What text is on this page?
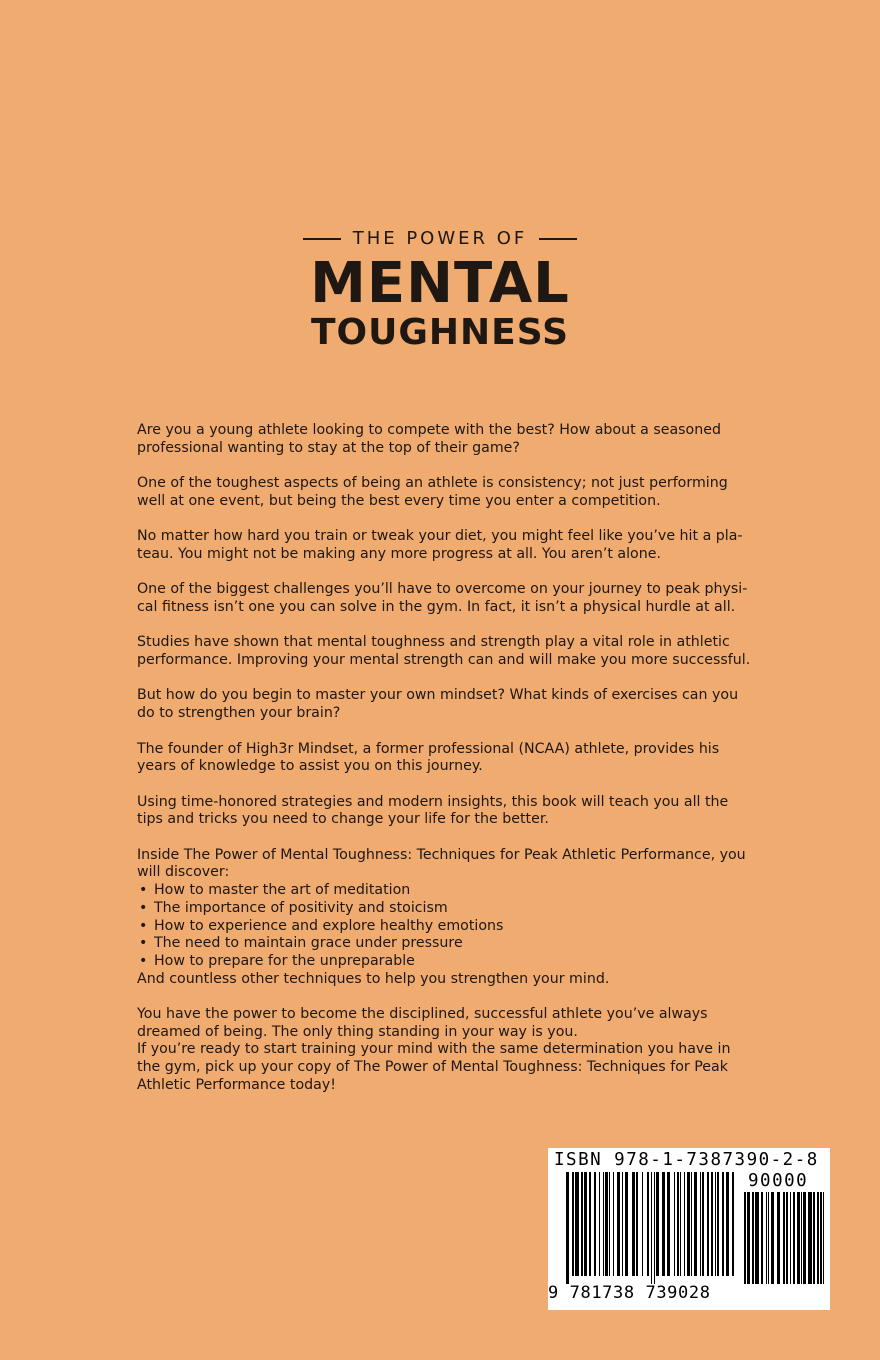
THE POWER OF
MENTAL
TOUGHNESS

Are you a young athlete looking to compete with the best? How about a seasoned professional wanting to stay at the top of their game?

One of the toughest aspects of being an athlete is consistency; not just performing well at one event, but being the best every time you enter a competition.

No matter how hard you train or tweak your diet, you might feel like you’ve hit a pla- teau. You might not be making any more progress at all. You aren’t alone.

One of the biggest challenges you’ll have to overcome on your journey to peak physi- cal fitness isn’t one you can solve in the gym. In fact, it isn’t a physical hurdle at all.

Studies have shown that mental toughness and strength play a vital role in athletic performance. Improving your mental strength can and will make you more successful.

But how do you begin to master your own mindset? What kinds of exercises can you do to strengthen your brain?

The founder of High3r Mindset, a former professional (NCAA) athlete, provides his years of knowledge to assist you on this journey.

Using time-honored strategies and modern insights, this book will teach you all the tips and tricks you need to change your life for the better.

Inside The Power of Mental Toughness: Techniques for Peak Athletic Performance, you will discover:

• How to master the art of meditation
• The importance of positivity and stoicism
• How to experience and explore healthy emotions
• The need to maintain grace under pressure
• How to prepare for the unpreparable

And countless other techniques to help you strengthen your mind.

You have the power to become the disciplined, successful athlete you’ve always dreamed of being. The only thing standing in your way is you.

If you’re ready to start training your mind with the same determination you have in the gym, pick up your copy of The Power of Mental Toughness: Techniques for Peak Athletic Performance today!

ISBN 978-1-7387390-2-8
90000
9 781738 739028
